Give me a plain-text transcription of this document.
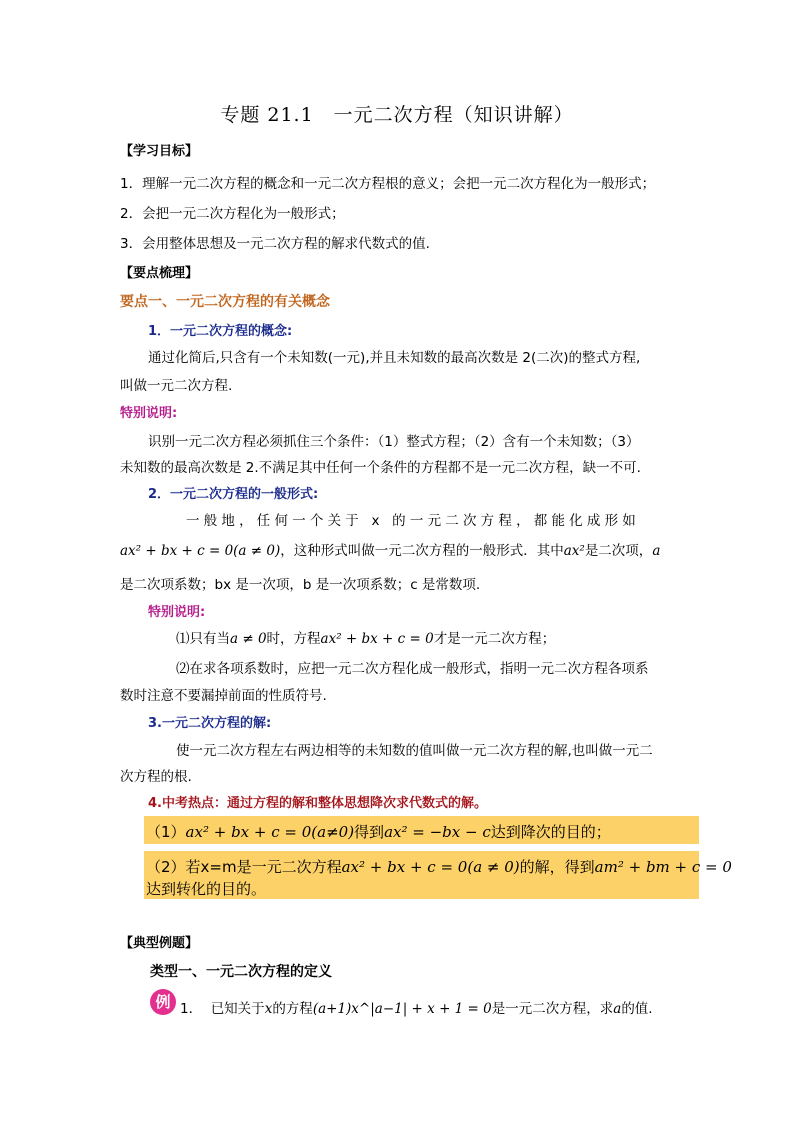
专题 21.1　一元二次方程（知识讲解）
【学习目标】
1．理解一元二次方程的概念和一元二次方程根的意义；会把一元二次方程化为一般形式；
2．会把一元二次方程化为一般形式；
3．会用整体思想及一元二次方程的解求代数式的值.
【要点梳理】
要点一、一元二次方程的有关概念
1．一元二次方程的概念:
通过化简后,只含有一个未知数(一元),并且未知数的最高次数是 2(二次)的整式方程,
叫做一元二次方程.
特别说明:
识别一元二次方程必须抓住三个条件：（1）整式方程；（2）含有一个未知数；（3）
未知数的最高次数是 2.不满足其中任何一个条件的方程都不是一元二次方程，缺一不可.
2．一元二次方程的一般形式:
一般地，任何一个关于 x 的一元二次方程，都能化成形如
ax² + bx + c = 0(a ≠ 0)，这种形式叫做一元二次方程的一般形式．其中ax²是二次项，a
是二次项系数；bx 是一次项，b 是一次项系数；c 是常数项.
特别说明:
⑴只有当a ≠ 0时，方程ax² + bx + c = 0才是一元二次方程；
⑵在求各项系数时，应把一元二次方程化成一般形式，指明一元二次方程各项系
数时注意不要漏掉前面的性质符号.
3.一元二次方程的解:
使一元二次方程左右两边相等的未知数的值叫做一元二次方程的解,也叫做一元二
次方程的根.
4.中考热点：通过方程的解和整体思想降次求代数式的解。
（1）ax² + bx + c = 0(a≠0)得到ax² = −bx − c达到降次的目的；
（2）若x=m是一元二次方程ax² + bx + c = 0(a ≠ 0)的解，得到am² + bm + c = 0
达到转化的目的。
【典型例题】
类型一、一元二次方程的定义
例 1． 已知关于x的方程(a+1)x^|a−1| + x + 1 = 0是一元二次方程，求a的值.
